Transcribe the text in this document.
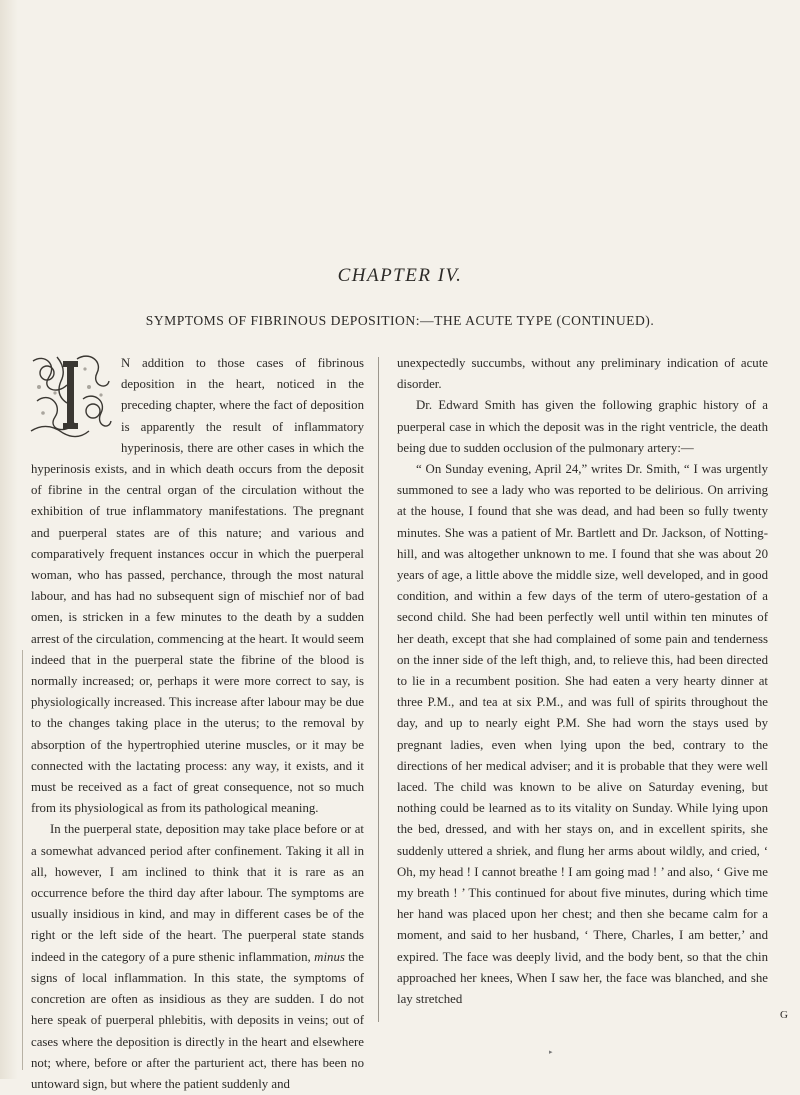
CHAPTER IV.
SYMPTOMS OF FIBRINOUS DEPOSITION:—THE ACUTE TYPE (CONTINUED).

N addition to those cases of fibrinous deposition in the heart, noticed in the preceding chapter, where the fact of deposition is apparently the result of inflammatory hyperinosis, there are other cases in which the hyperinosis exists, and in which death occurs from the deposit of fibrine in the central organ of the circulation without the exhibition of true inflammatory manifestations. The pregnant and puerperal states are of this nature; and various and comparatively frequent instances occur in which the puerperal woman, who has passed, perchance, through the most natural labour, and has had no subsequent sign of mischief nor of bad omen, is stricken in a few minutes to the death by a sudden arrest of the circulation, commencing at the heart. It would seem indeed that in the puerperal state the fibrine of the blood is normally increased; or, perhaps it were more correct to say, is physiologically increased. This increase after labour may be due to the changes taking place in the uterus; to the removal by absorption of the hypertrophied uterine muscles, or it may be connected with the lactating process: any way, it exists, and it must be received as a fact of great consequence, not so much from its physiological as from its pathological meaning.

In the puerperal state, deposition may take place before or at a somewhat advanced period after confinement. Taking it all in all, however, I am inclined to think that it is rare as an occurrence before the third day after labour. The symptoms are usually insidious in kind, and may in different cases be of the right or the left side of the heart. The puerperal state stands indeed in the category of a pure sthenic inflammation, minus the signs of local inflammation. In this state, the symptoms of concretion are often as insidious as they are sudden. I do not here speak of puerperal phlebitis, with deposits in veins; out of cases where the deposition is directly in the heart and elsewhere not; where, before or after the parturient act, there has been no untoward sign, but where the patient suddenly and

unexpectedly succumbs, without any preliminary indication of acute disorder.

Dr. Edward Smith has given the following graphic history of a puerperal case in which the deposit was in the right ventricle, the death being due to sudden occlusion of the pulmonary artery:—

“ On Sunday evening, April 24,” writes Dr. Smith, “ I was urgently summoned to see a lady who was reported to be delirious. On arriving at the house, I found that she was dead, and had been so fully twenty minutes. She was a patient of Mr. Bartlett and Dr. Jackson, of Notting-hill, and was altogether unknown to me. I found that she was about 20 years of age, a little above the middle size, well developed, and in good condition, and within a few days of the term of utero-gestation of a second child. She had been perfectly well until within ten minutes of her death, except that she had complained of some pain and tenderness on the inner side of the left thigh, and, to relieve this, had been directed to lie in a recumbent position. She had eaten a very hearty dinner at three P.M., and tea at six P.M., and was full of spirits throughout the day, and up to nearly eight P.M. She had worn the stays used by pregnant ladies, even when lying upon the bed, contrary to the directions of her medical adviser; and it is probable that they were well laced. The child was known to be alive on Saturday evening, but nothing could be learned as to its vitality on Sunday. While lying upon the bed, dressed, and with her stays on, and in excellent spirits, she suddenly uttered a shriek, and flung her arms about wildly, and cried, ‘ Oh, my head ! I cannot breathe ! I am going mad ! ’ and also, ‘ Give me my breath ! ’ This continued for about five minutes, during which time her hand was placed upon her chest; and then she became calm for a moment, and said to her husband, ‘ There, Charles, I am better,’ and expired. The face was deeply livid, and the body bent, so that the chin approached her knees, When I saw her, the face was blanched, and she lay stretched

G
▸
